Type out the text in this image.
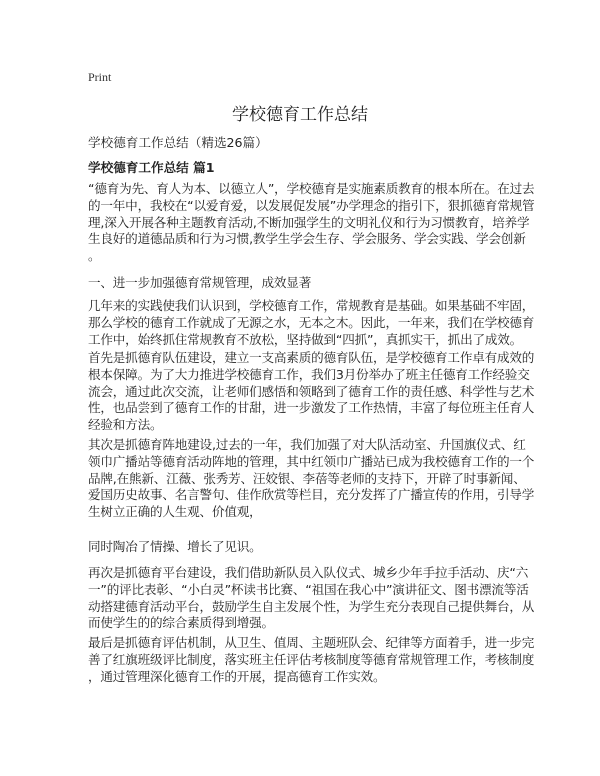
Print
学校德育工作总结
学校德育工作总结（精选26篇）
学校德育工作总结 篇1
“德育为先、育人为本、以德立人”，学校德育是实施素质教育的根本所在。在过去
的一年中，我校在“以爱育爱，以发展促发展”办学理念的指引下，狠抓德育常规管
理,深入开展各种主题教育活动,不断加强学生的文明礼仪和行为习惯教育，培养学
生良好的道德品质和行为习惯,教学生学会生存、学会服务、学会实践、学会创新
。
一、进一步加强德育常规管理，成效显著
几年来的实践使我们认识到，学校德育工作，常规教育是基础。如果基础不牢固，
那么学校的德育工作就成了无源之水，无本之木。因此，一年来，我们在学校德育
工作中，始终抓住常规教育不放松，坚持做到“四抓”，真抓实干，抓出了成效。
首先是抓德育队伍建设，建立一支高素质的德育队伍，是学校德育工作卓有成效的
根本保障。为了大力推进学校德育工作，我们3月份举办了班主任德育工作经验交
流会，通过此次交流，让老师们感悟和领略到了德育工作的责任感、科学性与艺术
性，也品尝到了德育工作的甘甜，进一步激发了工作热情，丰富了每位班主任育人
经验和方法。
其次是抓德育阵地建设,过去的一年，我们加强了对大队活动室、升国旗仪式、红
领巾广播站等德育活动阵地的管理，其中红领巾广播站已成为我校德育工作的一个
品牌,在熊新、江薇、张秀芳、汪姣银、李蓓等老师的支持下，开辟了时事新闻、
爱国历史故事、名言警句、佳作欣赏等栏目，充分发挥了广播宣传的作用，引导学
生树立正确的人生观、价值观，
同时陶冶了情操、增长了见识。
再次是抓德育平台建设，我们借助新队员入队仪式、城乡少年手拉手活动、庆“六
一”的评比表彰、“小白灵”杯读书比赛、“祖国在我心中”演讲征文、图书漂流等活
动搭建德育活动平台，鼓励学生自主发展个性，为学生充分表现自己提供舞台，从
而使学生的的综合素质得到增强。
最后是抓德育评估机制，从卫生、值周、主题班队会、纪律等方面着手，进一步完
善了红旗班级评比制度，落实班主任评估考核制度等德育常规管理工作，考核制度
，通过管理深化德育工作的开展，提高德育工作实效。
